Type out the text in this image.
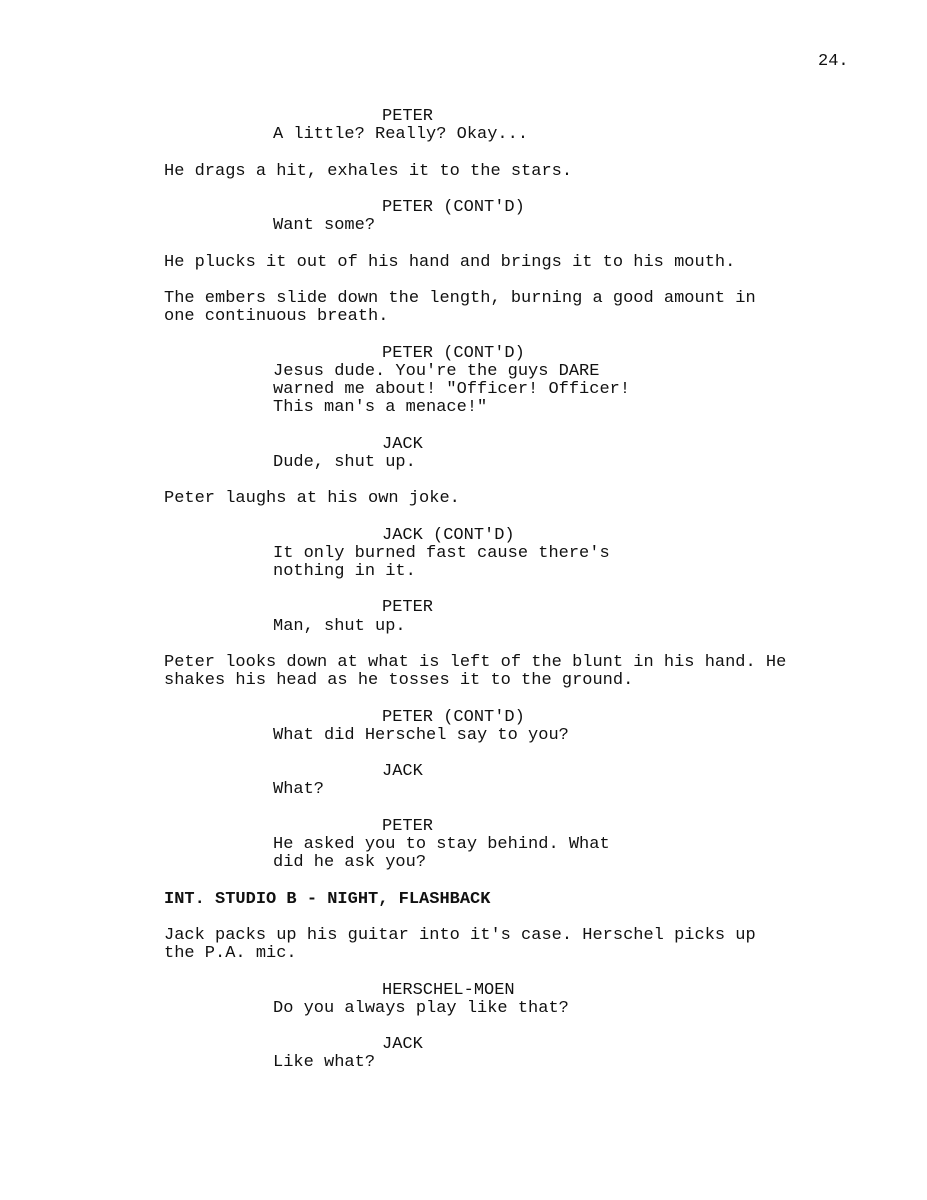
24.
PETER
A little? Really? Okay...
He drags a hit, exhales it to the stars.
PETER (CONT'D)
Want some?
He plucks it out of his hand and brings it to his mouth.
The embers slide down the length, burning a good amount in
one continuous breath.
PETER (CONT'D)
Jesus dude. You're the guys DARE
warned me about! "Officer! Officer!
This man's a menace!"
JACK
Dude, shut up.
Peter laughs at his own joke.
JACK (CONT'D)
It only burned fast cause there's
nothing in it.
PETER
Man, shut up.
Peter looks down at what is left of the blunt in his hand. He
shakes his head as he tosses it to the ground.
PETER (CONT'D)
What did Herschel say to you?
JACK
What?
PETER
He asked you to stay behind. What
did he ask you?
INT. STUDIO B - NIGHT, FLASHBACK
Jack packs up his guitar into it's case. Herschel picks up
the P.A. mic.
HERSCHEL-MOEN
Do you always play like that?
JACK
Like what?
